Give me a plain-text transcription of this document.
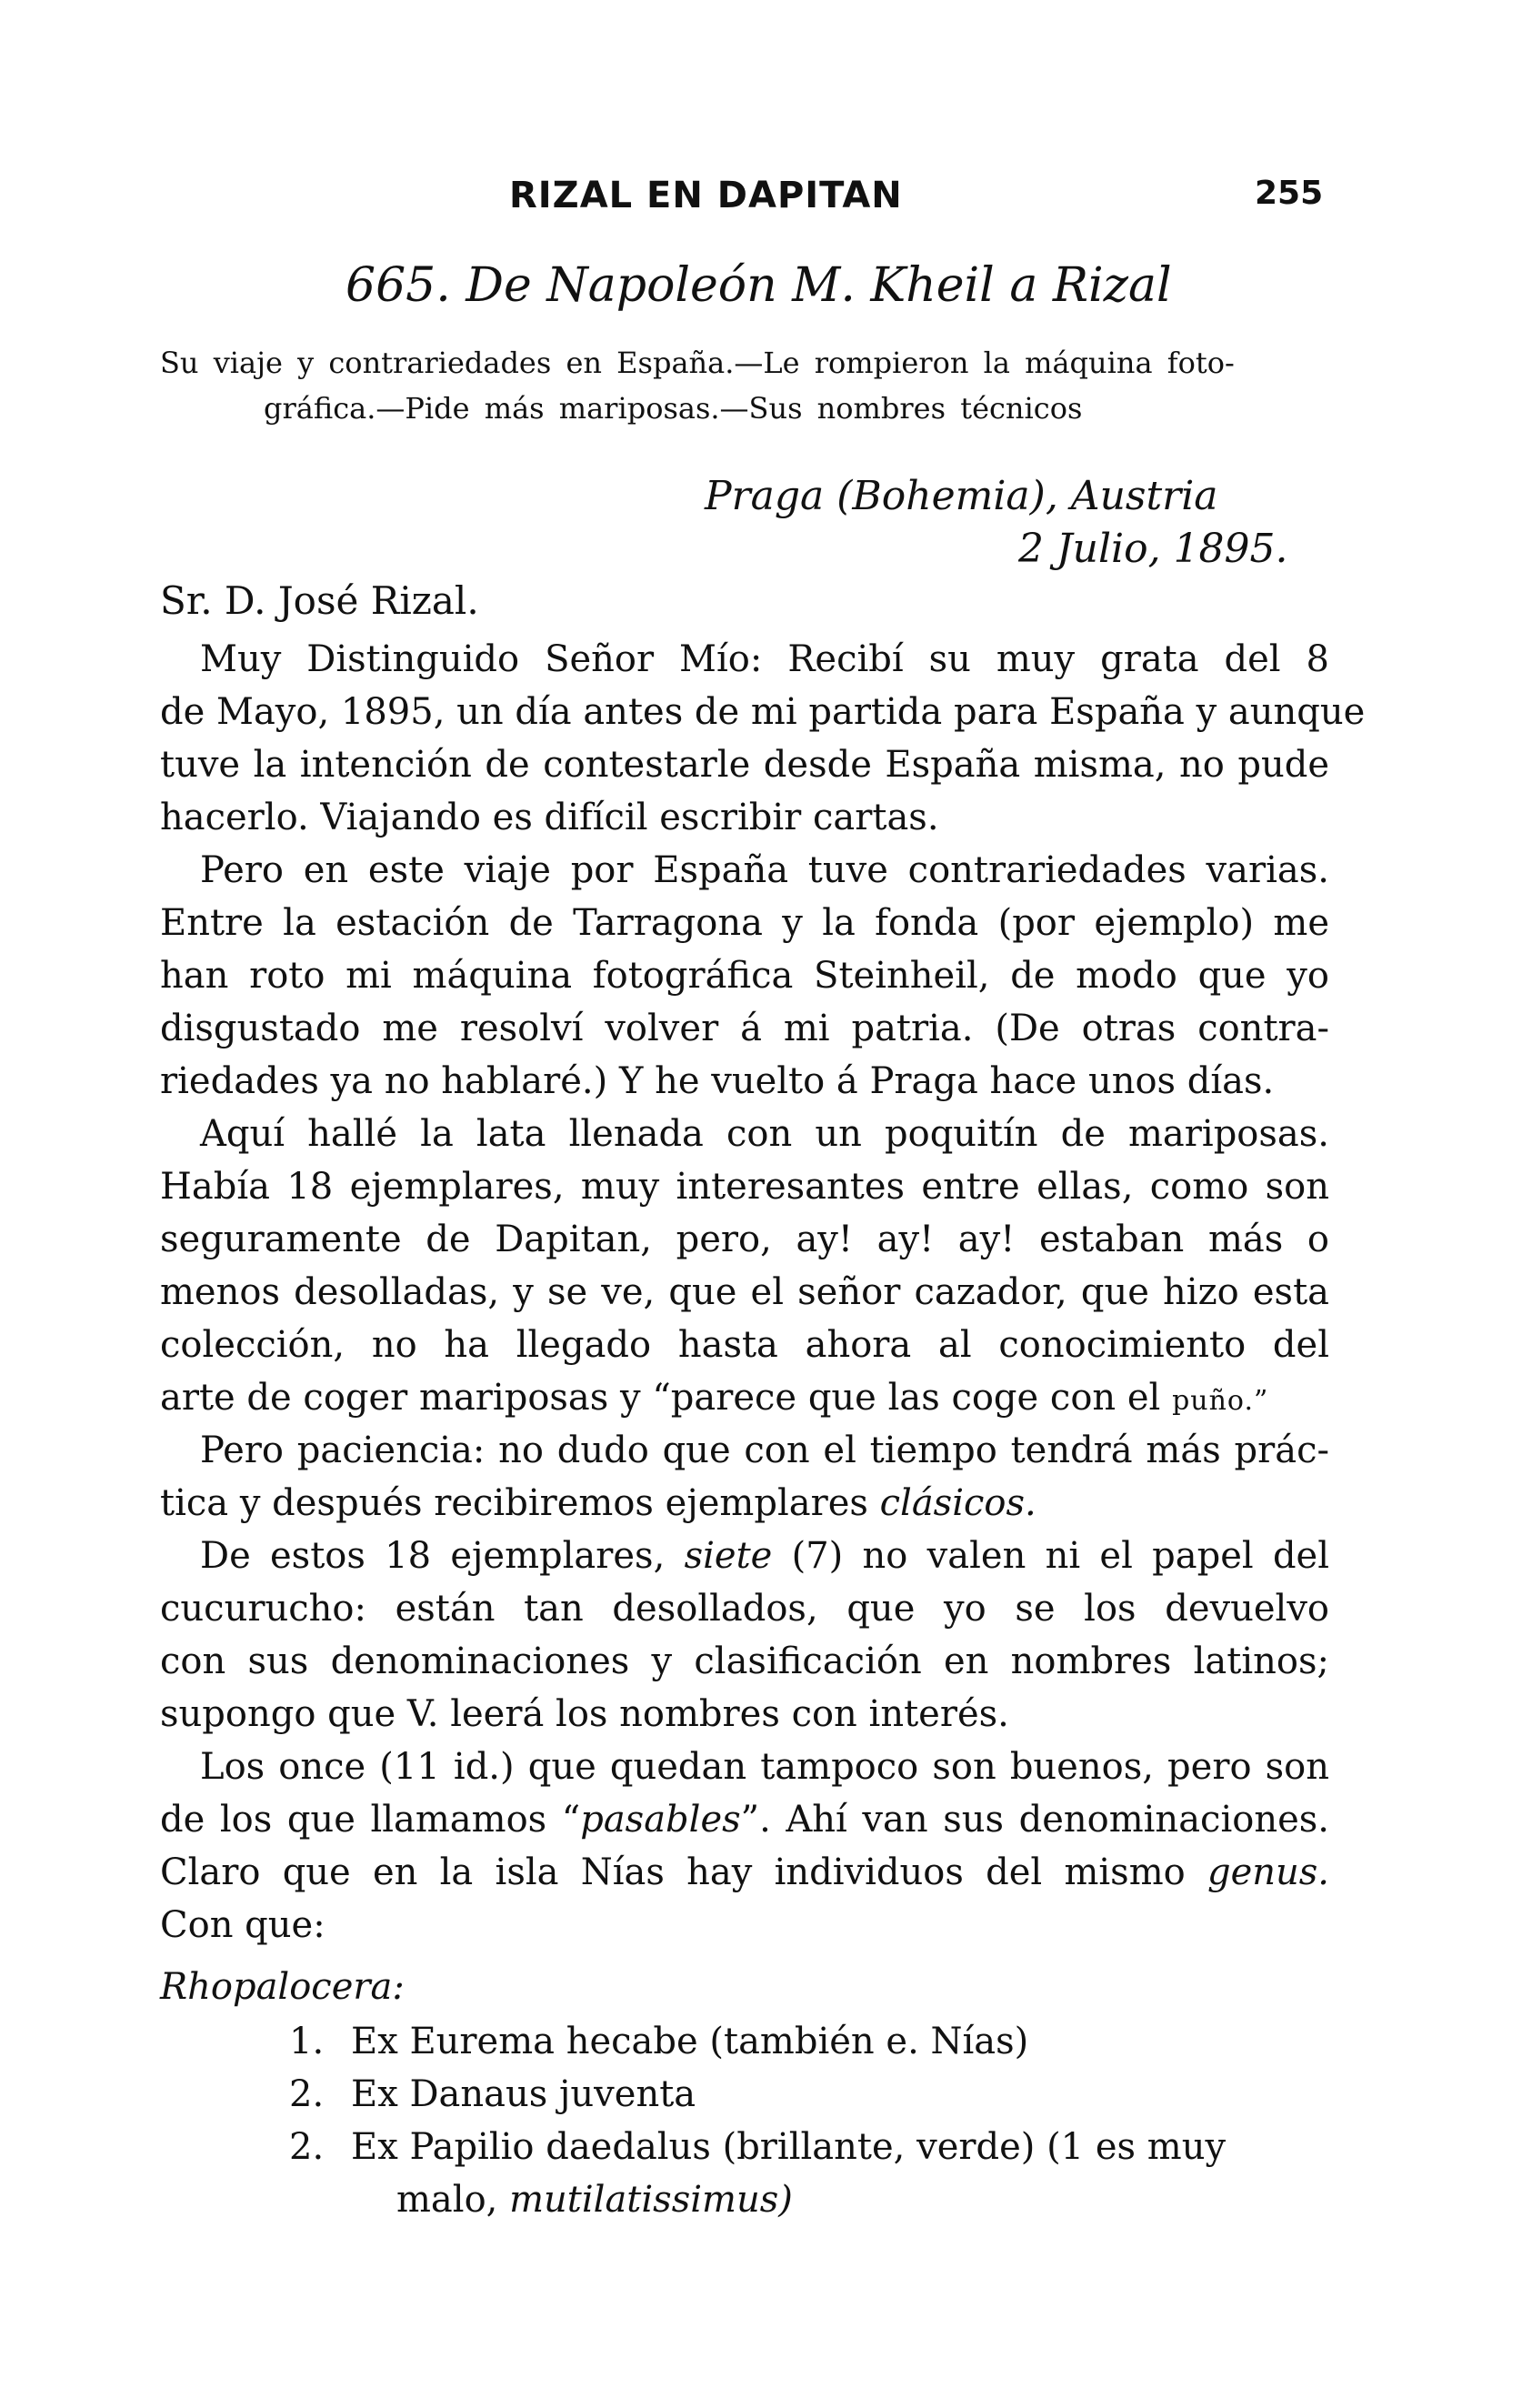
RIZAL EN DAPITAN	255
665. De Napoleón M. Kheil a Rizal
Su viaje y contrariedades en España.—Le rompieron la máquina foto-
gráfica.—Pide más mariposas.—Sus nombres técnicos
Praga (Bohemia), Austria
2 Julio, 1895.
Sr. D. José Rizal.
Muy Distinguido Señor Mío: Recibí su muy grata del 8
de Mayo, 1895, un día antes de mi partida para España y aunque
tuve la intención de contestarle desde España misma, no pude
hacerlo. Viajando es difícil escribir cartas.
Pero en este viaje por España tuve contrariedades varias.
Entre la estación de Tarragona y la fonda (por ejemplo) me
han roto mi máquina fotográfica Steinheil, de modo que yo
disgustado me resolví volver á mi patria. (De otras contra-
riedades ya no hablaré.) Y he vuelto á Praga hace unos días.
Aquí hallé la lata llenada con un poquitín de mariposas.
Había 18 ejemplares, muy interesantes entre ellas, como son
seguramente de Dapitan, pero, ay! ay! ay! estaban más o
menos desolladas, y se ve, que el señor cazador, que hizo esta
colección, no ha llegado hasta ahora al conocimiento del
arte de coger mariposas y “parece que las coge con el puño.”
Pero paciencia: no dudo que con el tiempo tendrá más prác-
tica y después recibiremos ejemplares clásicos.
De estos 18 ejemplares, siete (7) no valen ni el papel del
cucurucho: están tan desollados, que yo se los devuelvo
con sus denominaciones y clasificación en nombres latinos;
supongo que V. leerá los nombres con interés.
Los once (11 id.) que quedan tampoco son buenos, pero son
de los que llamamos “pasables”. Ahí van sus denominaciones.
Claro que en la isla Nías hay individuos del mismo genus.
Con que:
Rhopalocera:
1. Ex Eurema hecabe (también e. Nías)
2. Ex Danaus juventa
2. Ex Papilio daedalus (brillante, verde) (1 es muy
malo, mutilatissimus)
